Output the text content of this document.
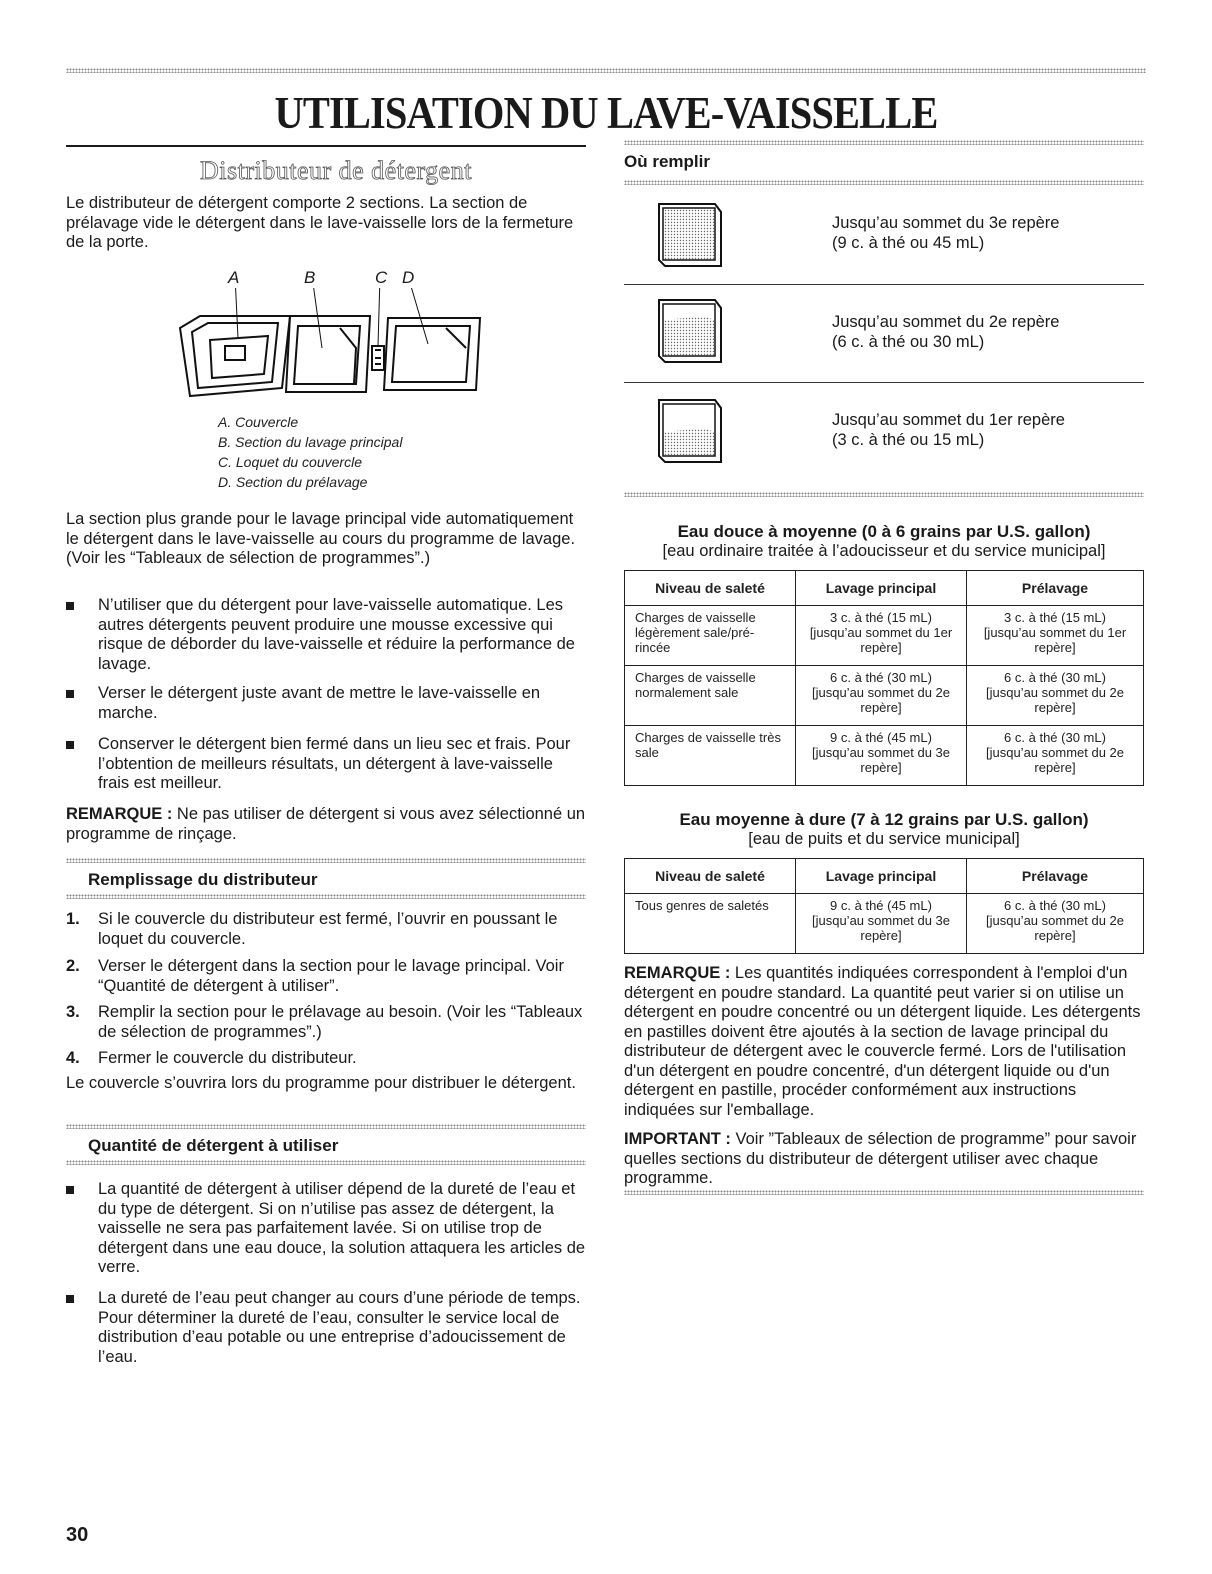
UTILISATION DU LAVE-VAISSELLE
Distributeur de détergent
Le distributeur de détergent comporte 2 sections. La section de prélavage vide le détergent dans le lave-vaisselle lors de la fermeture de la porte.
A	B	C D
A. Couvercle
B. Section du lavage principal
C. Loquet du couvercle
D. Section du prélavage
La section plus grande pour le lavage principal vide automatiquement le détergent dans le lave-vaisselle au cours du programme de lavage. (Voir les “Tableaux de sélection de programmes”.)
N’utiliser que du détergent pour lave-vaisselle automatique. Les autres détergents peuvent produire une mousse excessive qui risque de déborder du lave-vaisselle et réduire la performance de lavage.
Verser le détergent juste avant de mettre le lave-vaisselle en marche.
Conserver le détergent bien fermé dans un lieu sec et frais. Pour l’obtention de meilleurs résultats, un détergent à lave-vaisselle frais est meilleur.
REMARQUE : Ne pas utiliser de détergent si vous avez sélectionné un programme de rinçage.
Remplissage du distributeur
1. Si le couvercle du distributeur est fermé, l’ouvrir en poussant le loquet du couvercle.
2. Verser le détergent dans la section pour le lavage principal. Voir “Quantité de détergent à utiliser”.
3. Remplir la section pour le prélavage au besoin. (Voir les “Tableaux de sélection de programmes”.)
4. Fermer le couvercle du distributeur.
Le couvercle s’ouvrira lors du programme pour distribuer le détergent.
Quantité de détergent à utiliser
La quantité de détergent à utiliser dépend de la dureté de l’eau et du type de détergent. Si on n’utilise pas assez de détergent, la vaisselle ne sera pas parfaitement lavée. Si on utilise trop de détergent dans une eau douce, la solution attaquera les articles de verre.
La dureté de l’eau peut changer au cours d’une période de temps. Pour déterminer la dureté de l’eau, consulter le service local de distribution d’eau potable ou une entreprise d’adoucissement de l’eau.
30
Où remplir
Jusqu’au sommet du 3e repère
(9 c. à thé ou 45 mL)
Jusqu’au sommet du 2e repère
(6 c. à thé ou 30 mL)
Jusqu’au sommet du 1er repère
(3 c. à thé ou 15 mL)
Eau douce à moyenne (0 à 6 grains par U.S. gallon)
[eau ordinaire traitée à l’adoucisseur et du service municipal]
Niveau de saleté	Lavage principal	Prélavage
Charges de vaisselle légèrement sale/pré-rincée	3 c. à thé (15 mL) [jusqu’au sommet du 1er repère]	3 c. à thé (15 mL) [jusqu’au sommet du 1er repère]
Charges de vaisselle normalement sale	6 c. à thé (30 mL) [jusqu’au sommet du 2e repère]	6 c. à thé (30 mL) [jusqu’au sommet du 2e repère]
Charges de vaisselle très sale	9 c. à thé (45 mL) [jusqu’au sommet du 3e repère]	6 c. à thé (30 mL) [jusqu’au sommet du 2e repère]
Eau moyenne à dure (7 à 12 grains par U.S. gallon)
[eau de puits et du service municipal]
Niveau de saleté	Lavage principal	Prélavage
Tous genres de saletés	9 c. à thé (45 mL) [jusqu’au sommet du 3e repère]	6 c. à thé (30 mL) [jusqu’au sommet du 2e repère]
REMARQUE : Les quantités indiquées correspondent à l'emploi d'un détergent en poudre standard. La quantité peut varier si on utilise un détergent en poudre concentré ou un détergent liquide. Les détergents en pastilles doivent être ajoutés à la section de lavage principal du distributeur de détergent avec le couvercle fermé. Lors de l'utilisation d'un détergent en poudre concentré, d'un détergent liquide ou d'un détergent en pastille, procéder conformément aux instructions indiquées sur l'emballage.
IMPORTANT : Voir ”Tableaux de sélection de programme” pour savoir quelles sections du distributeur de détergent utiliser avec chaque programme.
